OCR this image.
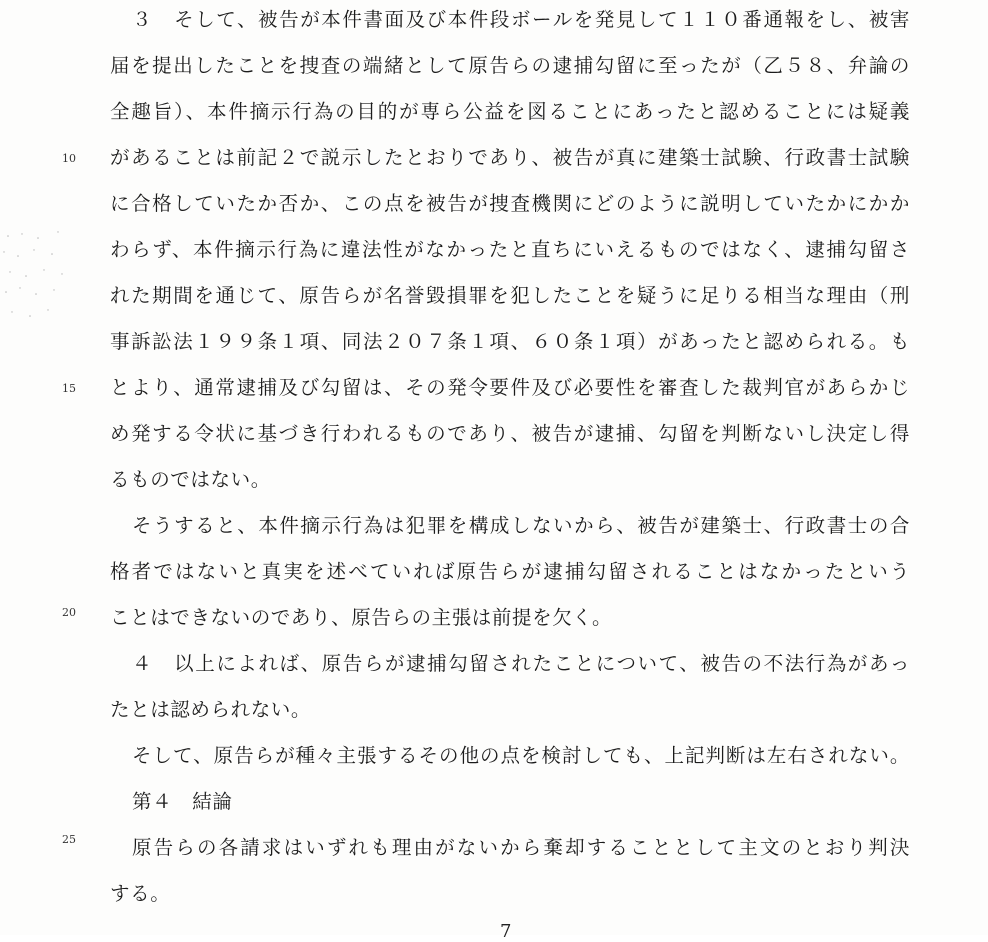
10
15
20
25
３　そして、被告が本件書面及び本件段ボールを発見して１１０番通報をし、被害
届を提出したことを捜査の端緒として原告らの逮捕勾留に至ったが（乙５８、弁論の
全趣旨）、本件摘示行為の目的が専ら公益を図ることにあったと認めることには疑義
があることは前記２で説示したとおりであり、被告が真に建築士試験、行政書士試験
に合格していたか否か、この点を被告が捜査機関にどのように説明していたかにかか
わらず、本件摘示行為に違法性がなかったと直ちにいえるものではなく、逮捕勾留さ
れた期間を通じて、原告らが名誉毀損罪を犯したことを疑うに足りる相当な理由（刑
事訴訟法１９９条１項、同法２０７条１項、６０条１項）があったと認められる。も
とより、通常逮捕及び勾留は、その発令要件及び必要性を審査した裁判官があらかじ
め発する令状に基づき行われるものであり、被告が逮捕、勾留を判断ないし決定し得
るものではない。
そうすると、本件摘示行為は犯罪を構成しないから、被告が建築士、行政書士の合
格者ではないと真実を述べていれば原告らが逮捕勾留されることはなかったという
ことはできないのであり、原告らの主張は前提を欠く。
４　以上によれば、原告らが逮捕勾留されたことについて、被告の不法行為があっ
たとは認められない。
そして、原告らが種々主張するその他の点を検討しても、上記判断は左右されない。
第４　結論
原告らの各請求はいずれも理由がないから棄却することとして主文のとおり判決
する。
7
